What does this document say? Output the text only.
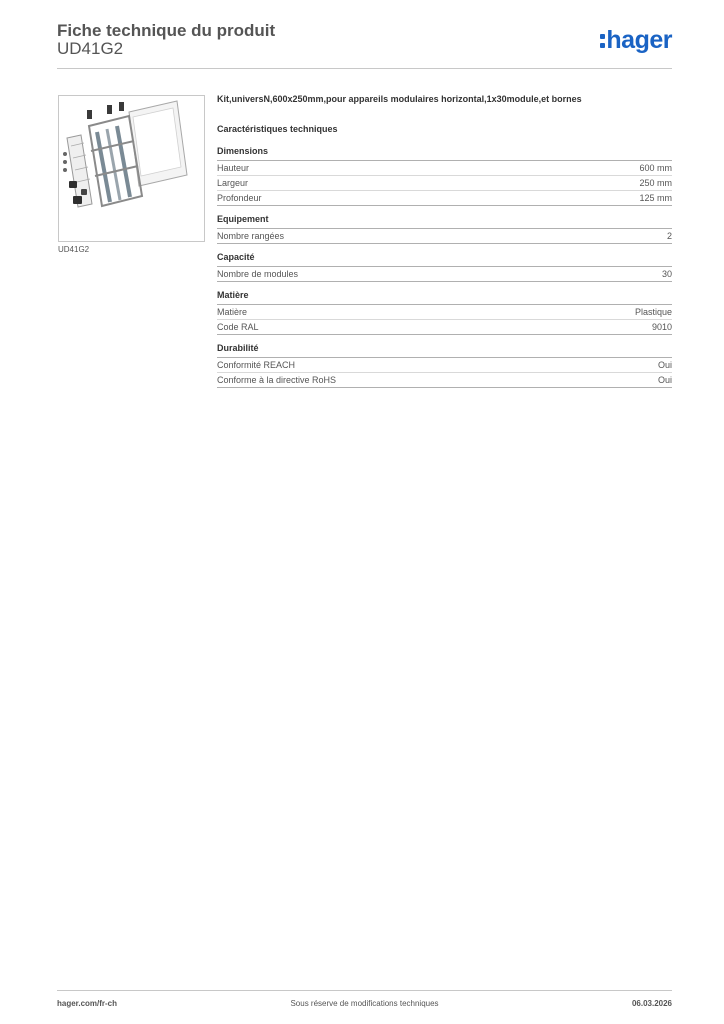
Fiche technique du produit
UD41G2	hager
UD41G2
Kit,universN,600x250mm,pour appareils modulaires horizontal,1x30module,et bornes
Caractéristiques techniques
Dimensions
Hauteur	600 mm
Largeur	250 mm
Profondeur	125 mm
Equipement
Nombre rangées	2
Capacité
Nombre de modules	30
Matière
Matière	Plastique
Code RAL	9010
Durabilité
Conformité REACH	Oui
Conforme à la directive RoHS	Oui
hager.com/fr-ch	Sous réserve de modifications techniques	06.03.2026
